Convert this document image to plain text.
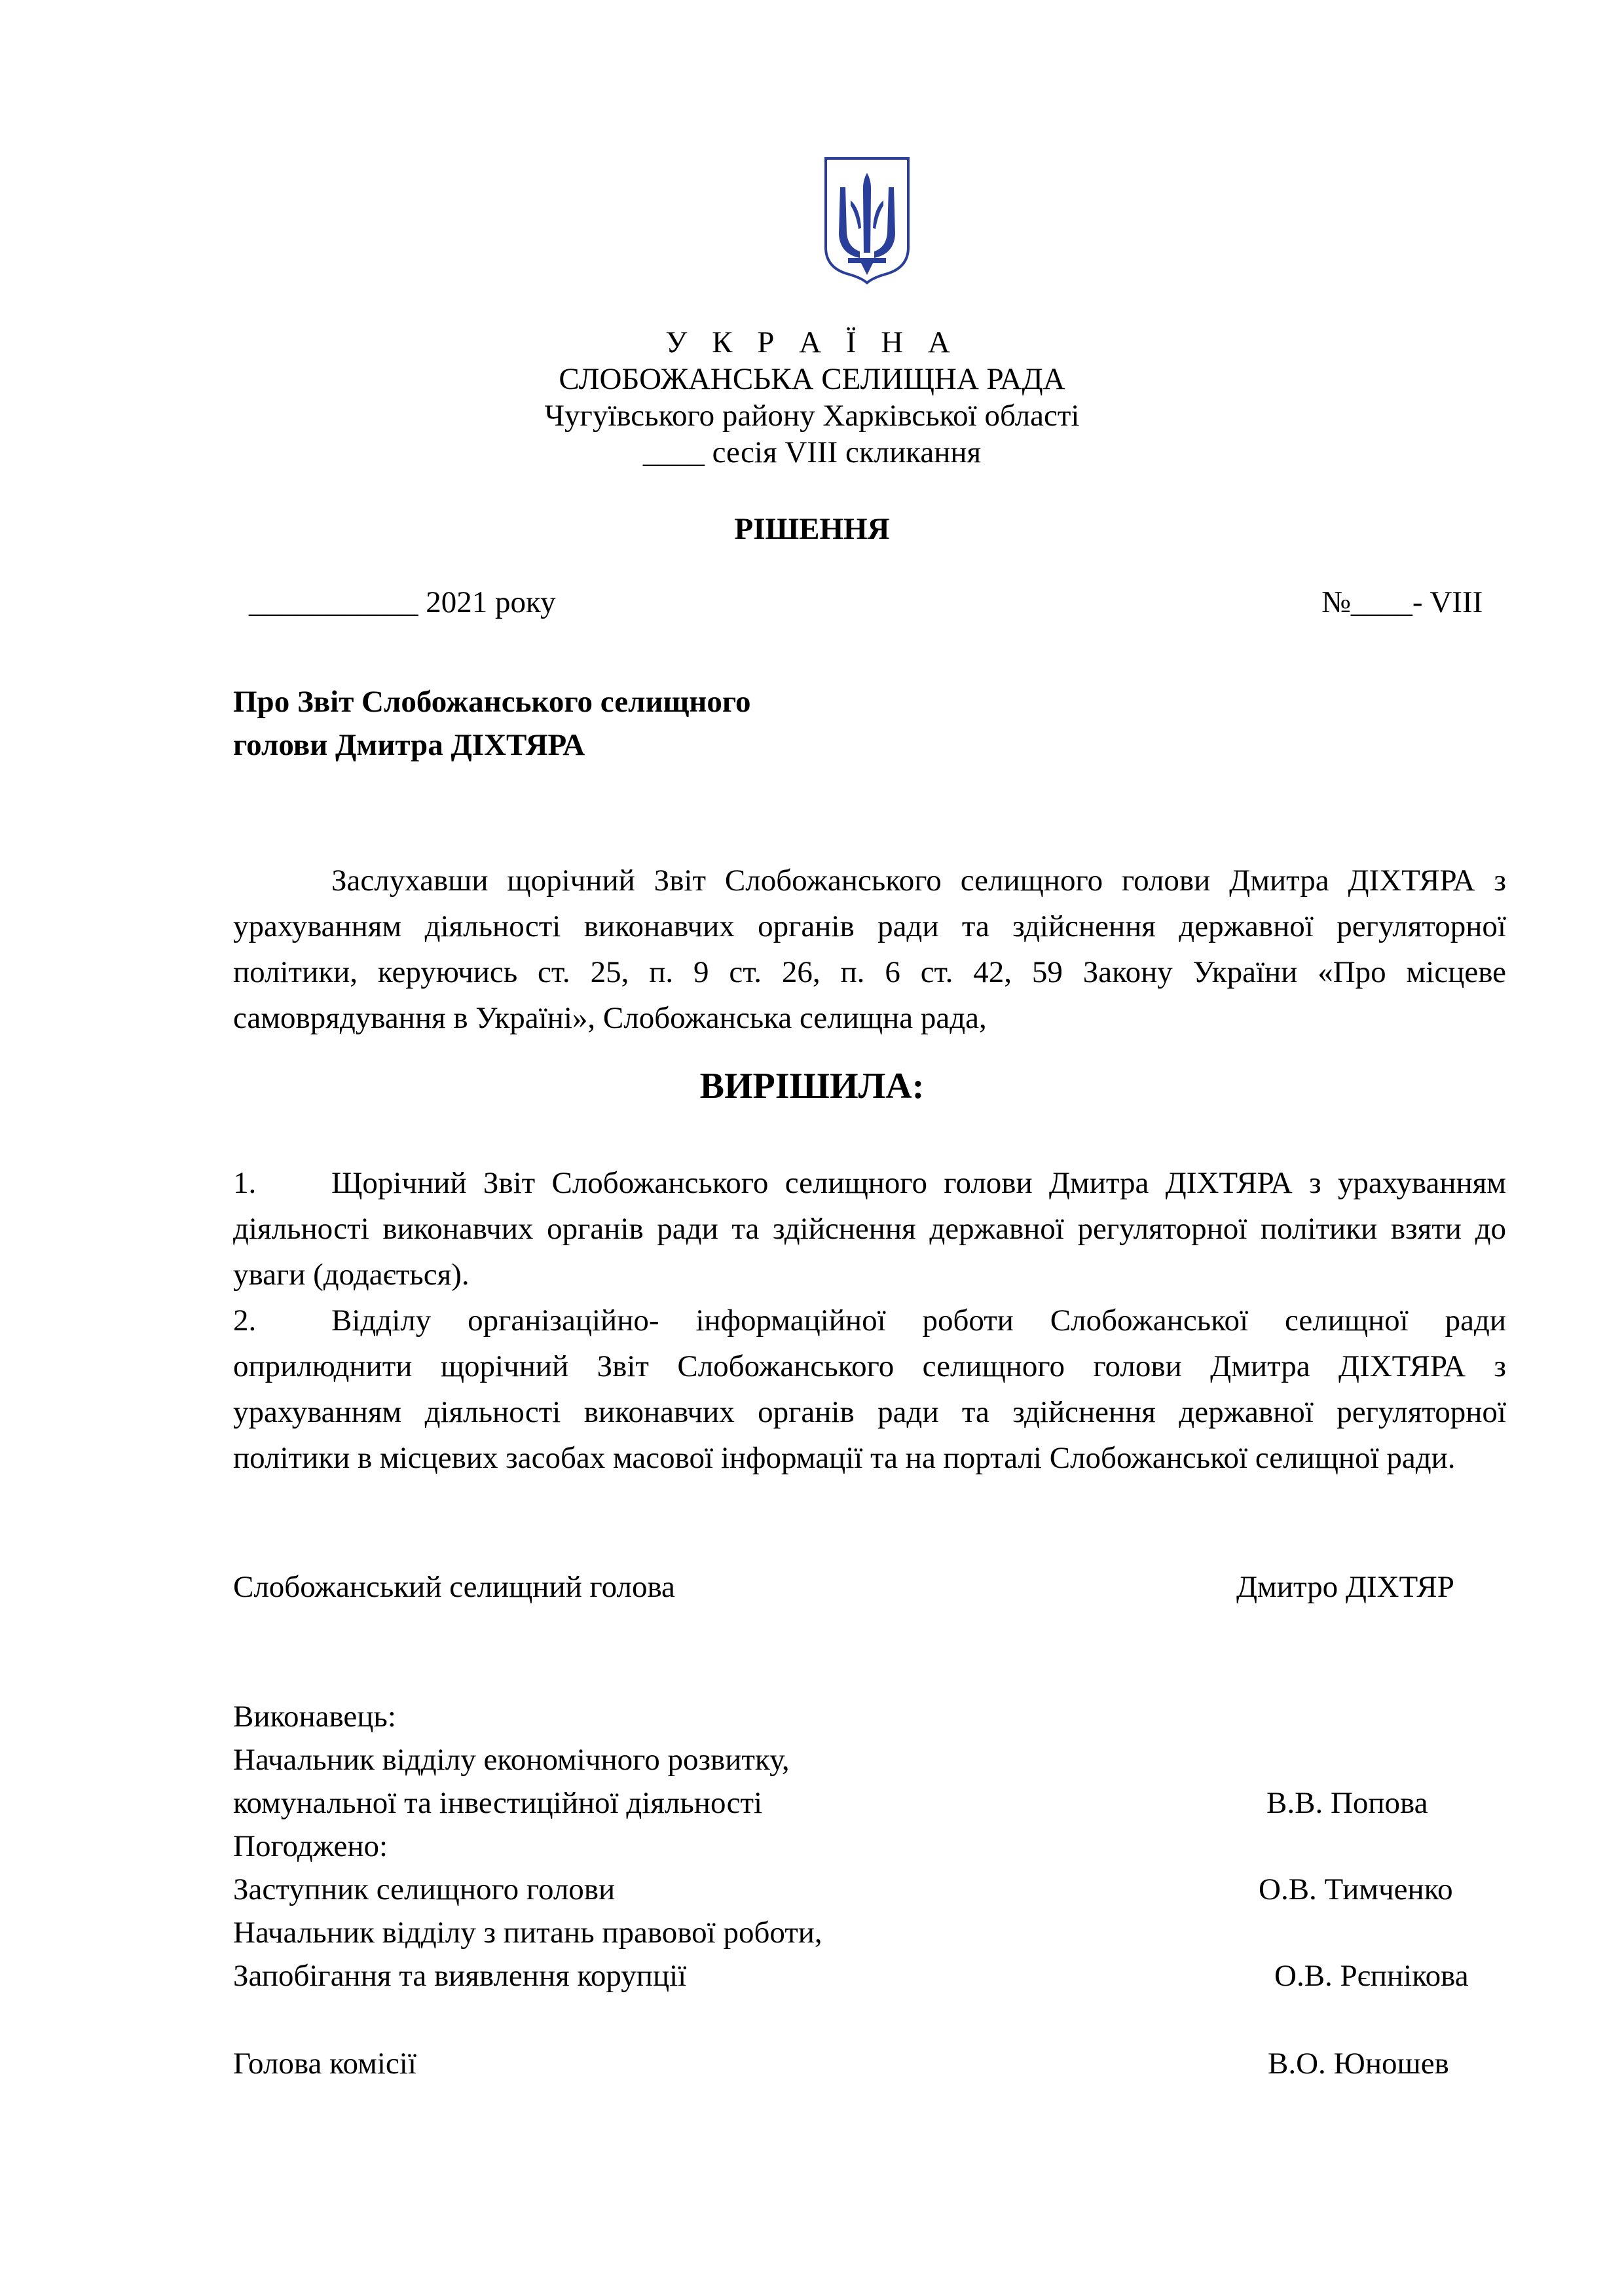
У К Р А Ї Н А
СЛОБОЖАНСЬКА СЕЛИЩНА РАДА
Чугуївського району Харківської області
____ сесія VIII скликання
РІШЕННЯ
___________ 2021 року	№____- VIII
Про Звіт Слобожанського селищного
голови Дмитра ДІХТЯРА
Заслухавши щорічний Звіт Слобожанського селищного голови Дмитра ДІХТЯРА з урахуванням діяльності виконавчих органів ради та здійснення державної регуляторної політики, керуючись ст. 25, п. 9 ст. 26, п. 6 ст. 42, 59 Закону України «Про місцеве самоврядування в Україні», Слобожанська селищна рада,
ВИРІШИЛА:
1. Щорічний Звіт Слобожанського селищного голови Дмитра ДІХТЯРА з урахуванням діяльності виконавчих органів ради та здійснення державної регуляторної політики взяти до уваги (додається).
2. Відділу організаційно- інформаційної роботи Слобожанської селищної ради оприлюднити щорічний Звіт Слобожанського селищного голови Дмитра ДІХТЯРА з урахуванням діяльності виконавчих органів ради та здійснення державної регуляторної політики в місцевих засобах масової інформації та на порталі Слобожанської селищної ради.
Слобожанський селищний голова	Дмитро ДІХТЯР
Виконавець:
Начальник відділу економічного розвитку,
комунальної та інвестиційної діяльності	В.В. Попова
Погоджено:
Заступник селищного голови	О.В. Тимченко
Начальник відділу з питань правової роботи,
Запобігання та виявлення корупції	О.В. Рєпнікова
Голова комісії	В.О. Юношев
